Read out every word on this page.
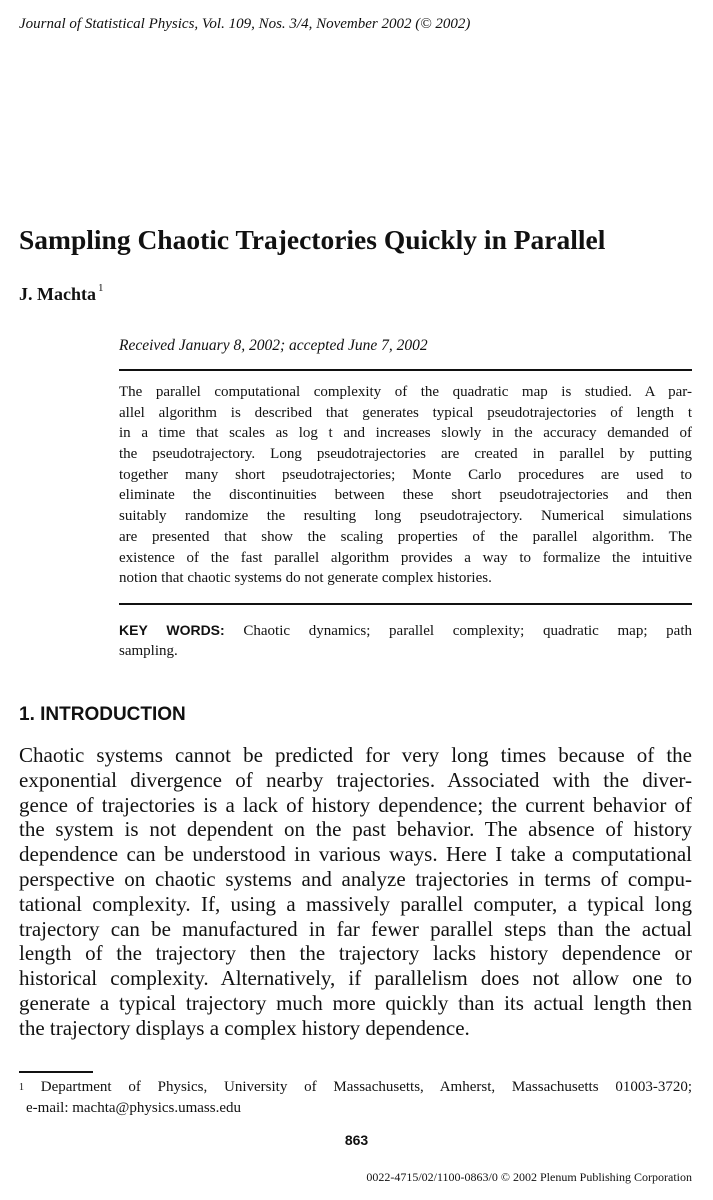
Journal of Statistical Physics, Vol. 109, Nos. 3/4, November 2002 (© 2002)
Sampling Chaotic Trajectories Quickly in Parallel
J. Machta $^1$
Received January 8, 2002; accepted June 7, 2002
The parallel computational complexity of the quadratic map is studied. A par-
allel algorithm is described that generates typical pseudotrajectories of length t
in a time that scales as log t and increases slowly in the accuracy demanded of
the pseudotrajectory. Long pseudotrajectories are created in parallel by putting
together many short pseudotrajectories; Monte Carlo procedures are used to
eliminate the discontinuities between these short pseudotrajectories and then
suitably randomize the resulting long pseudotrajectory. Numerical simulations
are presented that show the scaling properties of the parallel algorithm. The
existence of the fast parallel algorithm provides a way to formalize the intuitive
notion that chaotic systems do not generate complex histories.
KEY WORDS: Chaotic dynamics; parallel complexity; quadratic map; path
sampling.
1. INTRODUCTION
Chaotic systems cannot be predicted for very long times because of the
exponential divergence of nearby trajectories. Associated with the diver-
gence of trajectories is a lack of history dependence; the current behavior of
the system is not dependent on the past behavior. The absence of history
dependence can be understood in various ways. Here I take a computational
perspective on chaotic systems and analyze trajectories in terms of compu-
tational complexity. If, using a massively parallel computer, a typical long
trajectory can be manufactured in far fewer parallel steps than the actual
length of the trajectory then the trajectory lacks history dependence or
historical complexity. Alternatively, if parallelism does not allow one to
generate a typical trajectory much more quickly than its actual length then
the trajectory displays a complex history dependence.
$^1$ Department of Physics, University of Massachusetts, Amherst, Massachusetts 01003-3720;
e-mail: machta@physics.umass.edu
863
0022-4715/02/1100-0863/0 © 2002 Plenum Publishing Corporation
